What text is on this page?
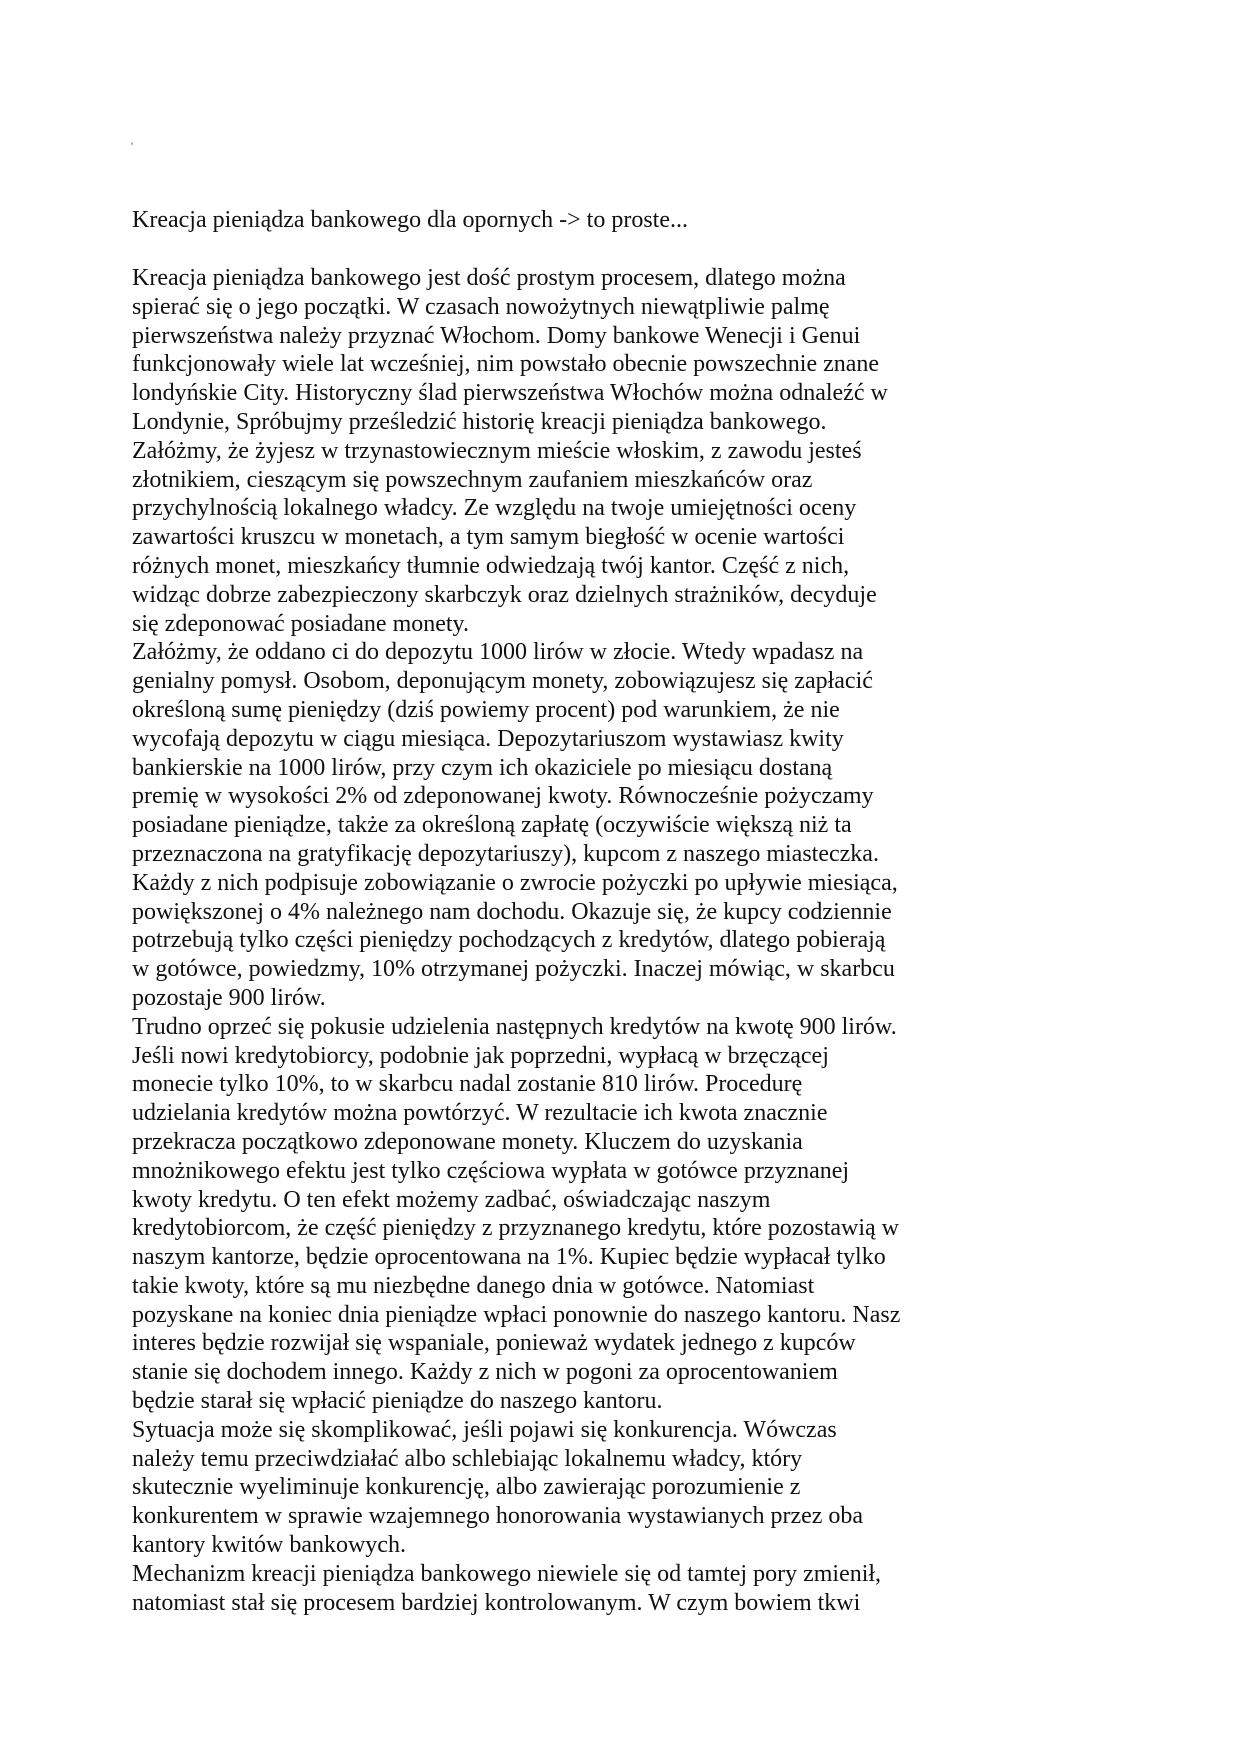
'
Kreacja pieniądza bankowego dla opornych -> to proste...
Kreacja pieniądza bankowego jest dość prostym procesem, dlatego można
spierać się o jego początki. W czasach nowożytnych niewątpliwie palmę
pierwszeństwa należy przyznać Włochom. Domy bankowe Wenecji i Genui
funkcjonowały wiele lat wcześniej, nim powstało obecnie powszechnie znane
londyńskie City. Historyczny ślad pierwszeństwa Włochów można odnaleźć w
Londynie, Spróbujmy prześledzić historię kreacji pieniądza bankowego.
Załóżmy, że żyjesz w trzynastowiecznym mieście włoskim, z zawodu jesteś
złotnikiem, cieszącym się powszechnym zaufaniem mieszkańców oraz
przychylnością lokalnego władcy. Ze względu na twoje umiejętności oceny
zawartości kruszcu w monetach, a tym samym biegłość w ocenie wartości
różnych monet, mieszkańcy tłumnie odwiedzają twój kantor. Część z nich,
widząc dobrze zabezpieczony skarbczyk oraz dzielnych strażników, decyduje
się zdeponować posiadane monety.
Załóżmy, że oddano ci do depozytu 1000 lirów w złocie. Wtedy wpadasz na
genialny pomysł. Osobom, deponującym monety, zobowiązujesz się zapłacić
określoną sumę pieniędzy (dziś powiemy procent) pod warunkiem, że nie
wycofają depozytu w ciągu miesiąca. Depozytariuszom wystawiasz kwity
bankierskie na 1000 lirów, przy czym ich okaziciele po miesiącu dostaną
premię w wysokości 2% od zdeponowanej kwoty. Równocześnie pożyczamy
posiadane pieniądze, także za określoną zapłatę (oczywiście większą niż ta
przeznaczona na gratyfikację depozytariuszy), kupcom z naszego miasteczka.
Każdy z nich podpisuje zobowiązanie o zwrocie pożyczki po upływie miesiąca,
powiększonej o 4% należnego nam dochodu. Okazuje się, że kupcy codziennie
potrzebują tylko części pieniędzy pochodzących z kredytów, dlatego pobierają
w gotówce, powiedzmy, 10% otrzymanej pożyczki. Inaczej mówiąc, w skarbcu
pozostaje 900 lirów.
Trudno oprzeć się pokusie udzielenia następnych kredytów na kwotę 900 lirów.
Jeśli nowi kredytobiorcy, podobnie jak poprzedni, wypłacą w brzęczącej
monecie tylko 10%, to w skarbcu nadal zostanie 810 lirów. Procedurę
udzielania kredytów można powtórzyć. W rezultacie ich kwota znacznie
przekracza początkowo zdeponowane monety. Kluczem do uzyskania
mnożnikowego efektu jest tylko częściowa wypłata w gotówce przyznanej
kwoty kredytu. O ten efekt możemy zadbać, oświadczając naszym
kredytobiorcom, że część pieniędzy z przyznanego kredytu, które pozostawią w
naszym kantorze, będzie oprocentowana na 1%. Kupiec będzie wypłacał tylko
takie kwoty, które są mu niezbędne danego dnia w gotówce. Natomiast
pozyskane na koniec dnia pieniądze wpłaci ponownie do naszego kantoru. Nasz
interes będzie rozwijał się wspaniale, ponieważ wydatek jednego z kupców
stanie się dochodem innego. Każdy z nich w pogoni za oprocentowaniem
będzie starał się wpłacić pieniądze do naszego kantoru.
Sytuacja może się skomplikować, jeśli pojawi się konkurencja. Wówczas
należy temu przeciwdziałać albo schlebiając lokalnemu władcy, który
skutecznie wyeliminuje konkurencję, albo zawierając porozumienie z
konkurentem w sprawie wzajemnego honorowania wystawianych przez oba
kantory kwitów bankowych.
Mechanizm kreacji pieniądza bankowego niewiele się od tamtej pory zmienił,
natomiast stał się procesem bardziej kontrolowanym. W czym bowiem tkwi
